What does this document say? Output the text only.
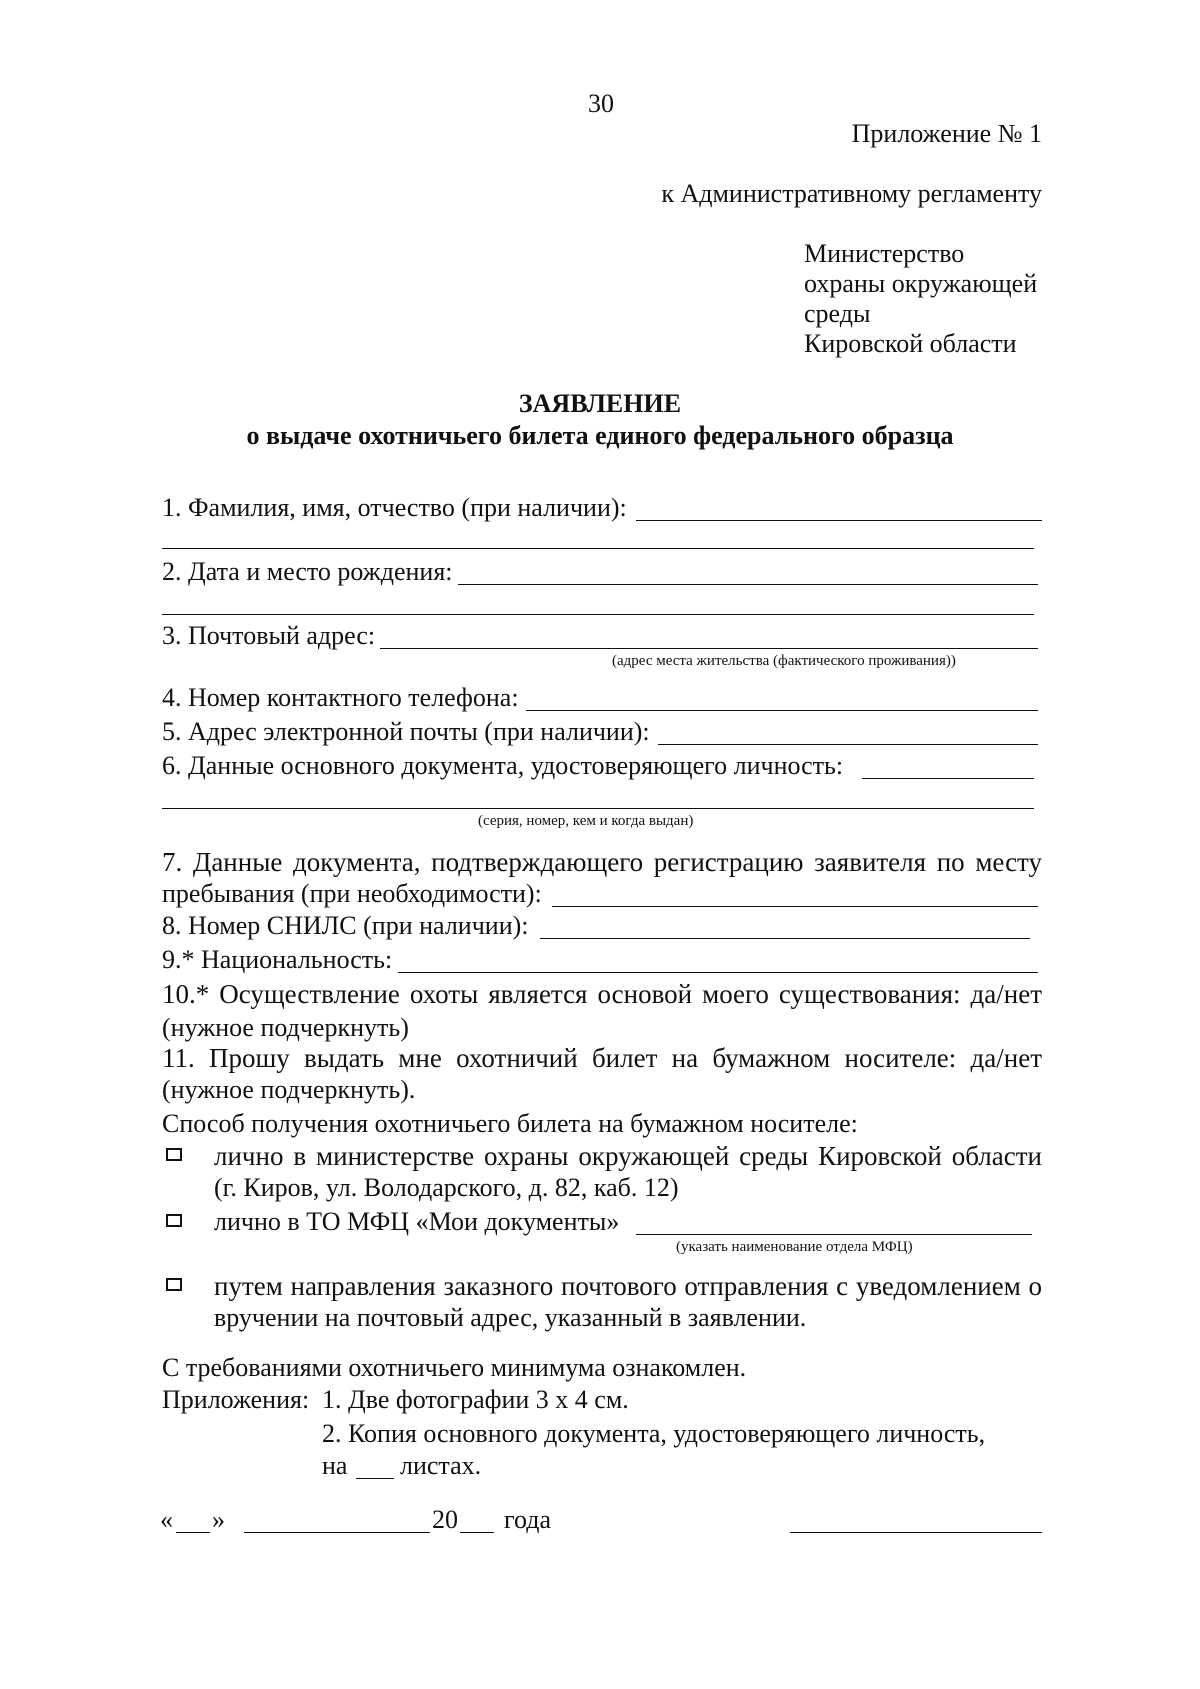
30
Приложение № 1
к Административному регламенту
Министерство
охраны окружающей
среды
Кировской области
ЗАЯВЛЕНИЕ
о выдаче охотничьего билета единого федерального образца
1. Фамилия, имя, отчество (при наличии):
2. Дата и место рождения:
3. Почтовый адрес:
(адрес места жительства (фактического проживания))
4. Номер контактного телефона:
5. Адрес электронной почты (при наличии):
6. Данные основного документа, удостоверяющего личность:
(серия, номер, кем и когда выдан)
7. Данные документа, подтверждающего регистрацию заявителя по месту
пребывания (при необходимости):
8. Номер СНИЛС (при наличии):
9.* Национальность:
10.* Осуществление охоты является основой моего существования: да/нет
(нужное подчеркнуть)
11. Прошу выдать мне охотничий билет на бумажном носителе: да/нет
(нужное подчеркнуть).
Способ получения охотничьего билета на бумажном носителе:
лично в министерстве охраны окружающей среды Кировской области
(г. Киров, ул. Володарского, д. 82, каб. 12)
лично в ТО МФЦ «Мои документы»
(указать наименование отдела МФЦ)
путем направления заказного почтового отправления с уведомлением о
вручении на почтовый адрес, указанный в заявлении.
С требованиями охотничьего минимума ознакомлен.
Приложения: 1. Две фотографии 3 х 4 см.
2. Копия основного документа, удостоверяющего личность,
на листах.
« »	20 года
